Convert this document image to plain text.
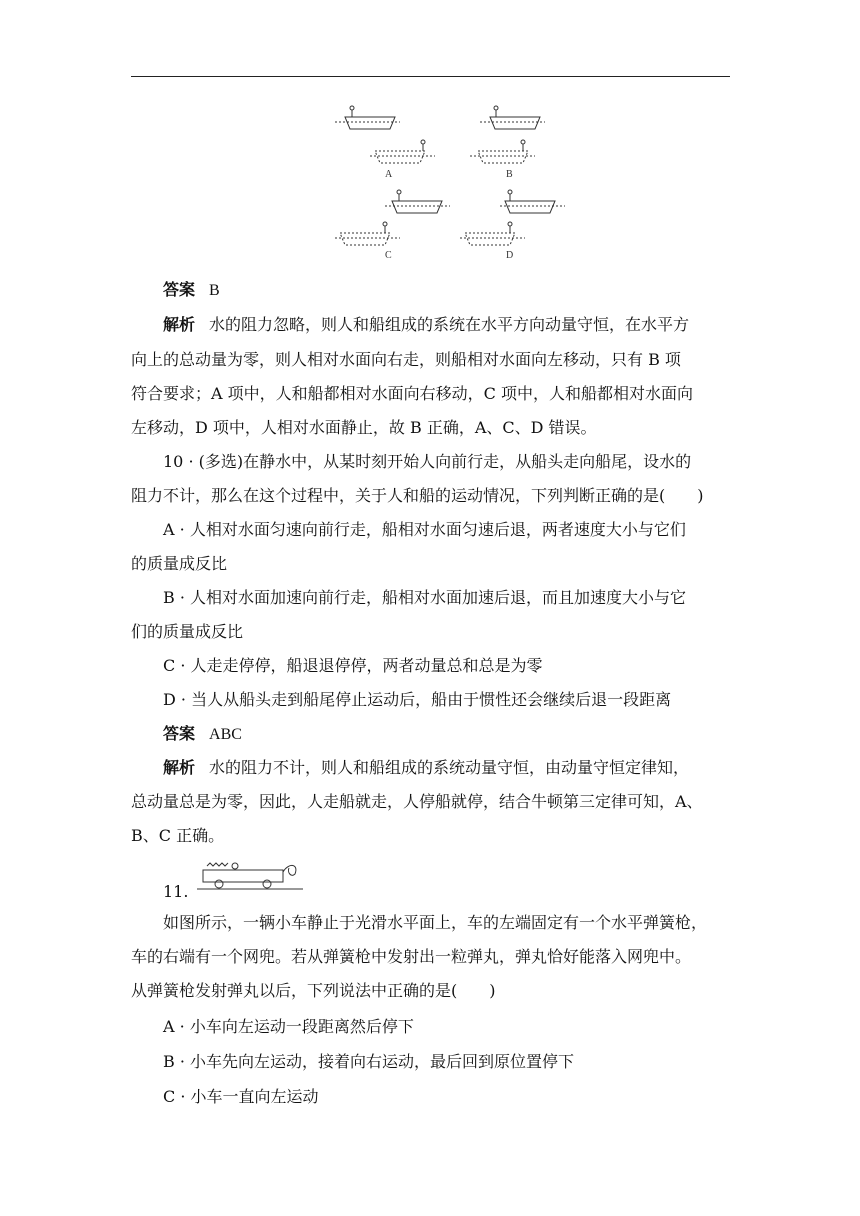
A	B
C	D
答案 B
解析 水的阻力忽略，则人和船组成的系统在水平方向动量守恒，在水平方
向上的总动量为零，则人相对水面向右走，则船相对水面向左移动，只有 B 项
符合要求；A 项中，人和船都相对水面向右移动，C 项中，人和船都相对水面向
左移动，D 项中，人相对水面静止，故 B 正确，A、C、D 错误。
10 · (多选)在静水中，从某时刻开始人向前行走，从船头走向船尾，设水的
阻力不计，那么在这个过程中，关于人和船的运动情况，下列判断正确的是(　　)
A · 人相对水面匀速向前行走，船相对水面匀速后退，两者速度大小与它们
的质量成反比
B · 人相对水面加速向前行走，船相对水面加速后退，而且加速度大小与它
们的质量成反比
C · 人走走停停，船退退停停，两者动量总和总是为零
D · 当人从船头走到船尾停止运动后，船由于惯性还会继续后退一段距离
答案 ABC
解析 水的阻力不计，则人和船组成的系统动量守恒，由动量守恒定律知，
总动量总是为零，因此，人走船就走，人停船就停，结合牛顿第三定律可知，A、
B、C 正确。
11.
如图所示，一辆小车静止于光滑水平面上，车的左端固定有一个水平弹簧枪，
车的右端有一个网兜。若从弹簧枪中发射出一粒弹丸，弹丸恰好能落入网兜中。
从弹簧枪发射弹丸以后，下列说法中正确的是(　　)
A · 小车向左运动一段距离然后停下
B · 小车先向左运动，接着向右运动，最后回到原位置停下
C · 小车一直向左运动
